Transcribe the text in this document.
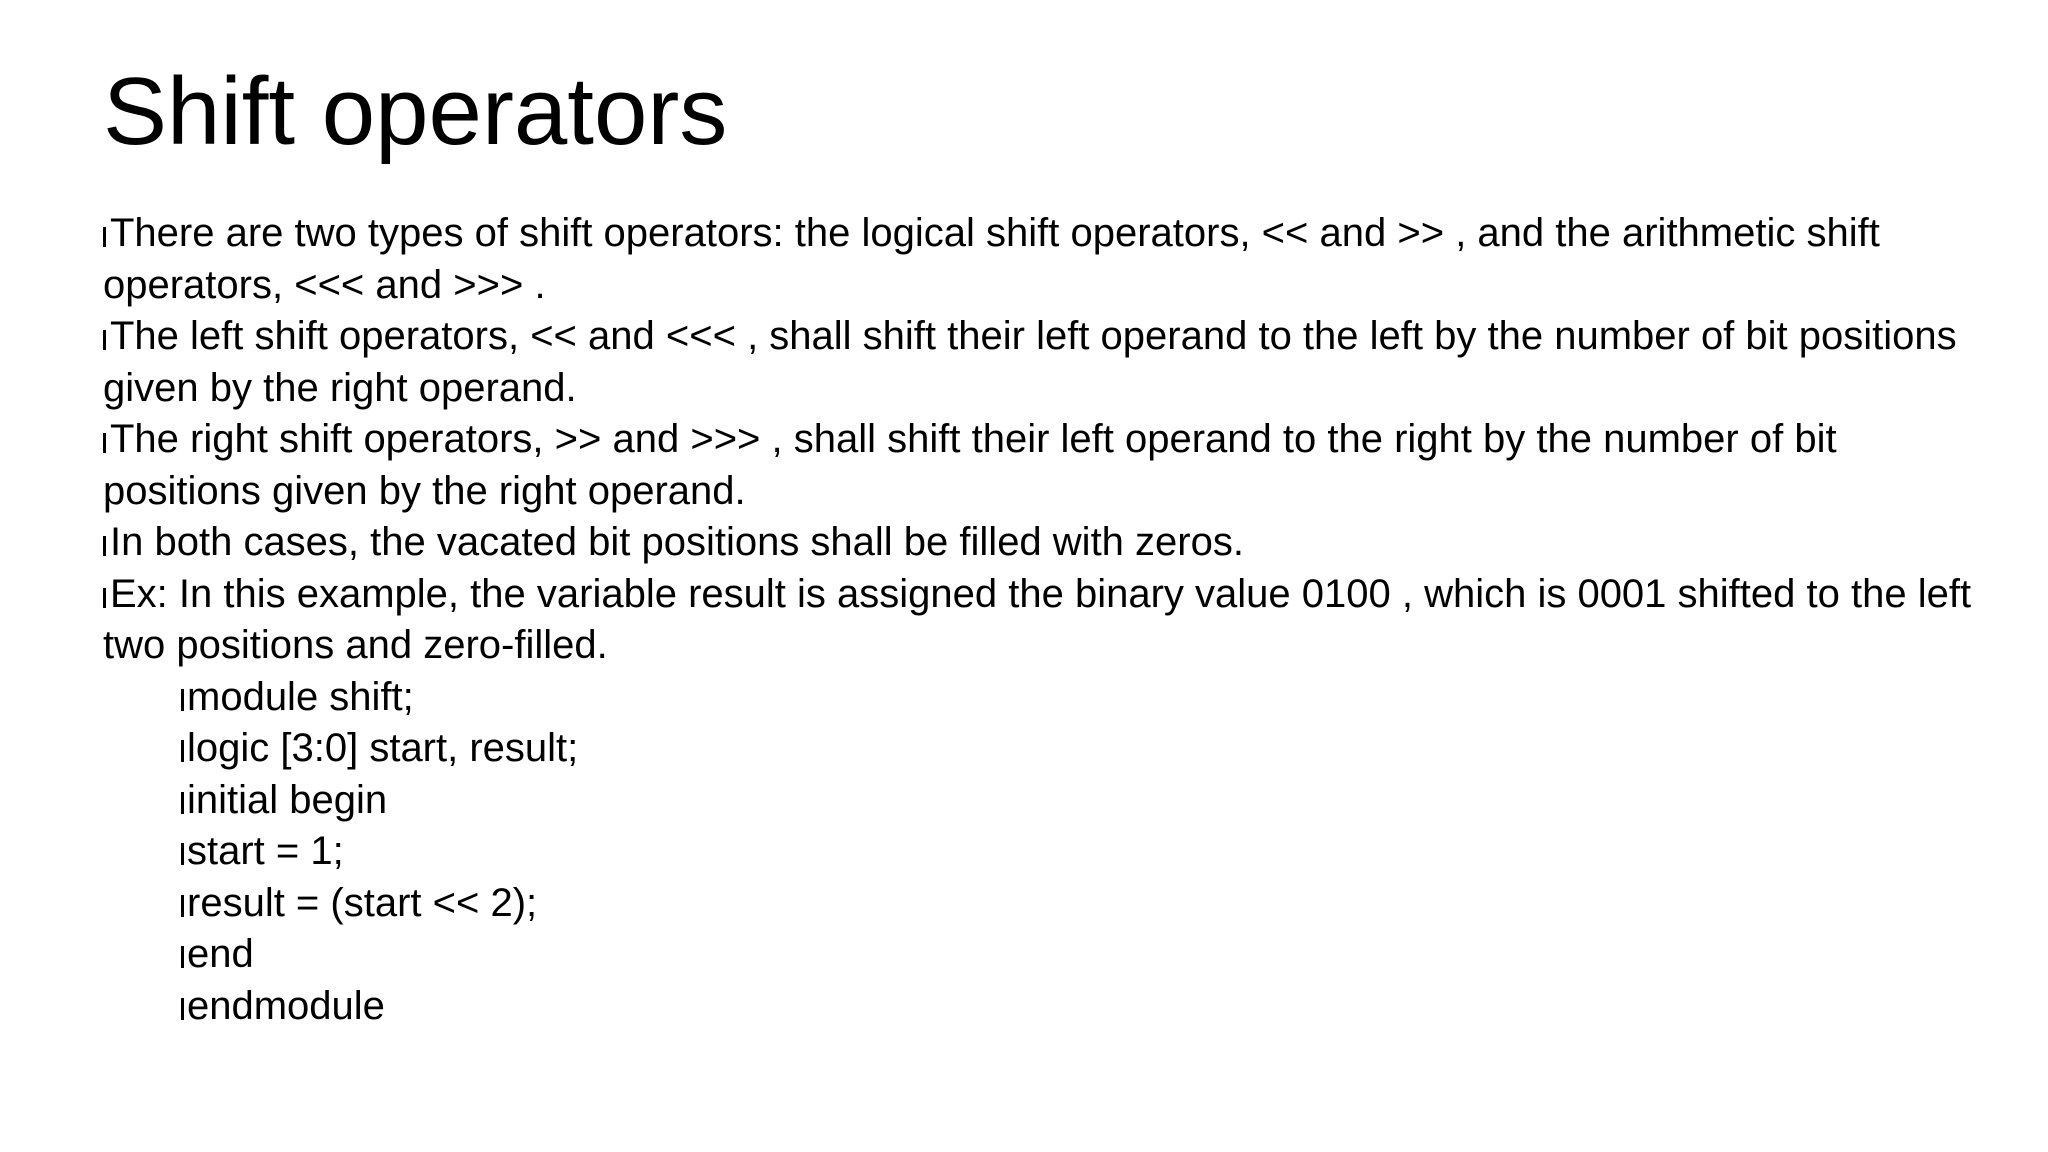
Shift operators

There are two types of shift operators: the logical shift operators, << and >> , and the arithmetic shift operators, <<< and >>> .

The left shift operators, << and <<< , shall shift their left operand to the left by the number of bit positions given by the right operand.

The right shift operators, >> and >>> , shall shift their left operand to the right by the number of bit positions given by the right operand.

In both cases, the vacated bit positions shall be filled with zeros.

Ex: In this example, the variable result is assigned the binary value 0100 , which is 0001 shifted to the left two positions and zero-filled.

module shift;

logic [3:0] start, result;

initial begin

start = 1;

result = (start << 2);

end

endmodule
